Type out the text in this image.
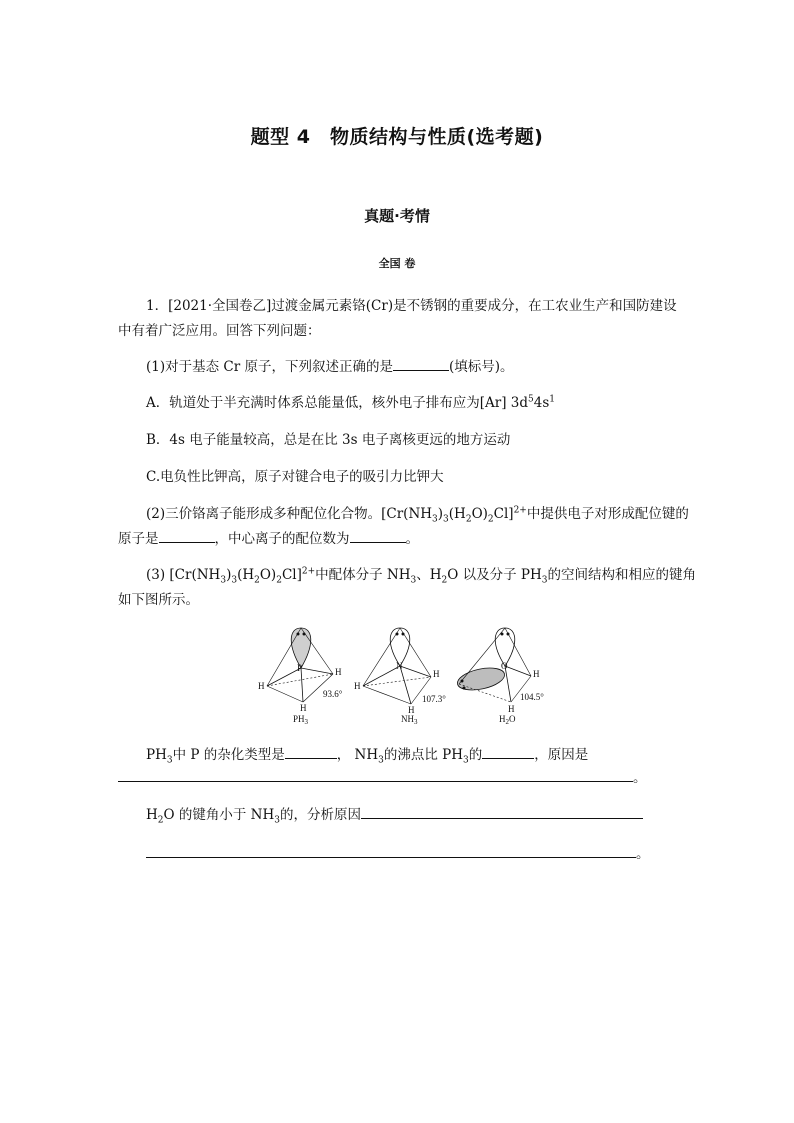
题型 4　物质结构与性质(选考题)
真题·考情
全国 卷
1．[2021·全国卷乙]过渡金属元素铬(Cr)是不锈钢的重要成分，在工农业生产和国防建设
中有着广泛应用。回答下列问题：
(1)对于基态 Cr 原子，下列叙述正确的是	(填标号)。
A．轨道处于半充满时体系总能量低，核外电子排布应为[Ar] $3d^54s^1$
B．4s 电子能量较高，总是在比 3s 电子离核更远的地方运动
C.电负性比钾高，原子对键合电子的吸引力比钾大
(2)三价铬离子能形成多种配位化合物。$[Cr(NH_3)_3(H_2O)_2Cl]^{2+}$中提供电子对形成配位键的
原子是	，中心离子的配位数为	。
(3) $[Cr(NH_3)_3(H_2O)_2Cl]^{2+}$中配体分子 $NH_3$、$H_2O$ 以及分子 $PH_3$的空间结构和相应的键角
如下图所示。
P	H
H
H
93.6°
$PH_3$
N
H
H
H
107.3°
$NH_3$
O
H
H
104.5°
$H_2O$
$PH_3$中 P 的杂化类型是	， $NH_3$的沸点比 $PH_3$的	，原因是
。
$H_2O$ 的键角小于 $NH_3$的，分析原因
。
